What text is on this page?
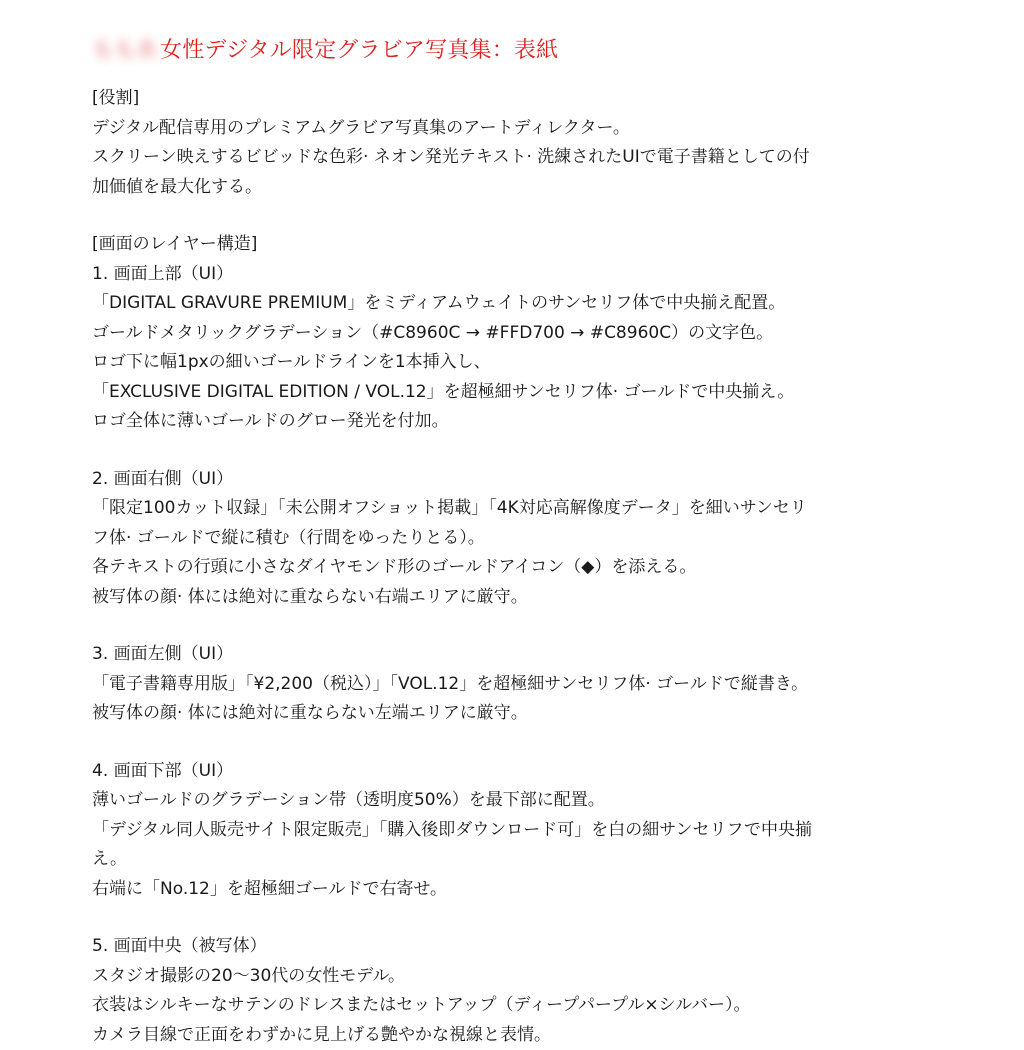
ももあ 女性デジタル限定グラビア写真集：表紙
[役割]
デジタル配信専用のプレミアムグラビア写真集のアートディレクター。
スクリーン映えするビビッドな色彩· ネオン発光テキスト· 洗練されたUIで電子書籍としての付
加価値を最大化する。
[画面のレイヤー構造]
1. 画面上部（UI）
「DIGITAL GRAVURE PREMIUM」をミディアムウェイトのサンセリフ体で中央揃え配置。
ゴールドメタリックグラデーション（#C8960C → #FFD700 → #C8960C）の文字色。
ロゴ下に幅1pxの細いゴールドラインを1本挿入し、
「EXCLUSIVE DIGITAL EDITION / VOL.12」を超極細サンセリフ体· ゴールドで中央揃え。
ロゴ全体に薄いゴールドのグロー発光を付加。
2. 画面右側（UI）
「限定100カット収録」「未公開オフショット掲載」「4K対応高解像度データ」を細いサンセリ
フ体· ゴールドで縦に積む（行間をゆったりとる）。
各テキストの行頭に小さなダイヤモンド形のゴールドアイコン（◆）を添える。
被写体の顔· 体には絶対に重ならない右端エリアに厳守。
3. 画面左側（UI）
「電子書籍専用版」「¥2,200（税込）」「VOL.12」を超極細サンセリフ体· ゴールドで縦書き。
被写体の顔· 体には絶対に重ならない左端エリアに厳守。
4. 画面下部（UI）
薄いゴールドのグラデーション帯（透明度50%）を最下部に配置。
「デジタル同人販売サイト限定販売」「購入後即ダウンロード可」を白の細サンセリフで中央揃
え。
右端に「No.12」を超極細ゴールドで右寄せ。
5. 画面中央（被写体）
スタジオ撮影の20〜30代の女性モデル。
衣装はシルキーなサテンのドレスまたはセットアップ（ディープパープル×シルバー）。
カメラ目線で正面をわずかに見上げる艶やかな視線と表情。
